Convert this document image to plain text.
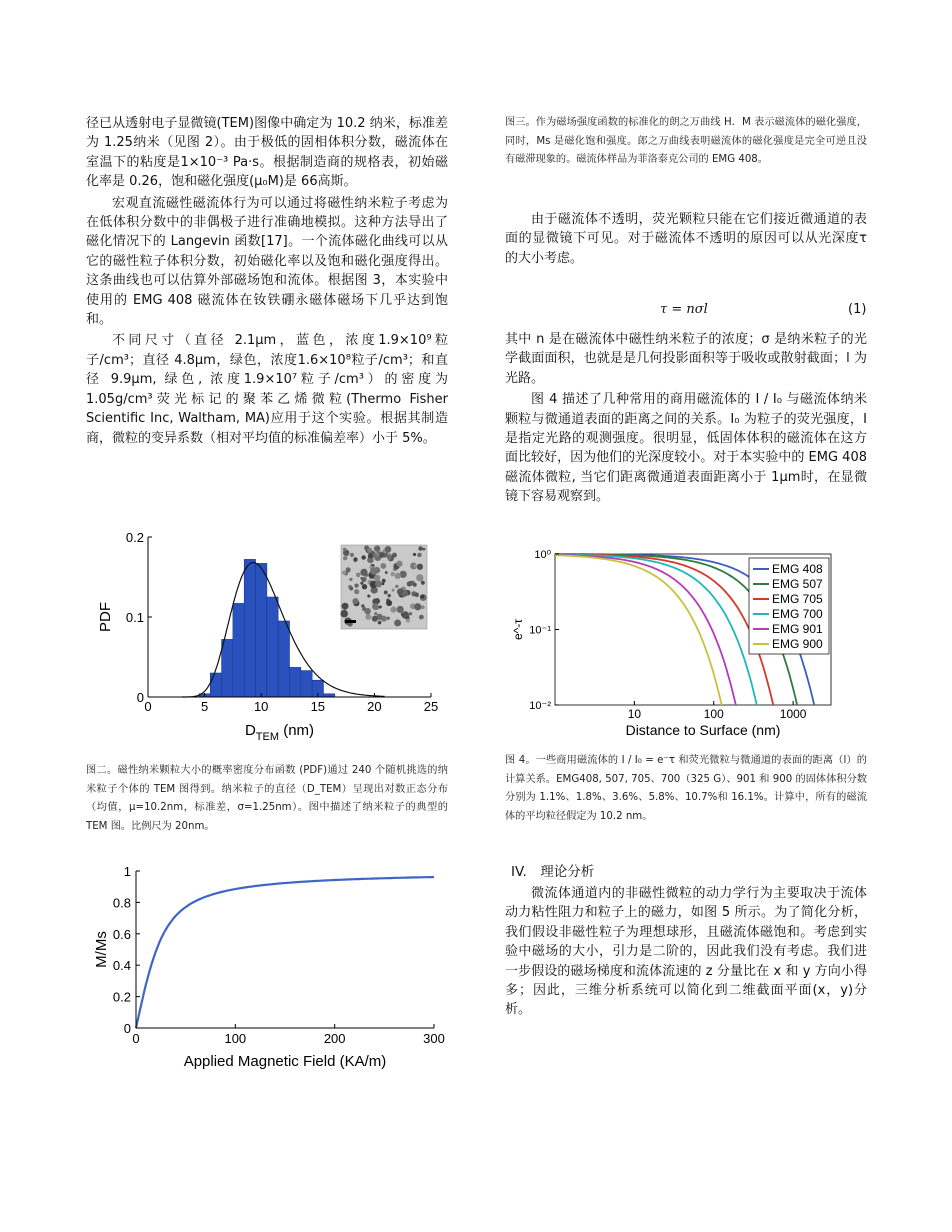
径已从透射电子显微镜(TEM)图像中确定为 10.2 纳米，标准差为 1.25纳米（见图 2）。由于极低的固相体积分数，磁流体在室温下的粘度是1×10⁻³ Pa·s。根据制造商的规格表，初始磁化率是 0.26，饱和磁化强度(μ₀M)是 66高斯。

宏观直流磁性磁流体行为可以通过将磁性纳米粒子考虑为在低体积分数中的非偶极子进行准确地模拟。这种方法导出了磁化情况下的 Langevin 函数[17]。一个流体磁化曲线可以从它的磁性粒子体积分数，初始磁化率以及饱和磁化强度得出。这条曲线也可以估算外部磁场饱和流体。根据图 3，本实验中使用的 EMG 408 磁流体在钕铁硼永磁体磁场下几乎达到饱和。

不同尺寸（直径 2.1μm，蓝色，浓度1.9×10⁹粒子/cm³；直径 4.8μm，绿色，浓度1.6×10⁸粒子/cm³；和直径 9.9μm, 绿色, 浓度1.9×10⁷粒子/cm³）的密度为 1.05g/cm³荧光标记的聚苯乙烯微粒(Thermo Fisher Scientific Inc, Waltham, MA)应用于这个实验。根据其制造商，微粒的变异系数（相对平均值的标准偏差率）小于 5%。

0	5	10	15	20	25
0
0.1
0.2
PDF
$D_{TEM}$ (nm)

图二。磁性纳米颗粒大小的概率密度分布函数 (PDF)通过 240 个随机挑选的纳米粒子个体的 TEM 图得到。纳米粒子的直径（D_TEM）呈现出对数正态分布（均值，μ=10.2nm，标准差，σ=1.25nm）。图中描述了纳米粒子的典型的 TEM 图。比例尺为 20nm。

0	100	200	300
0
0.2
0.4
0.6
0.8
1
M/Ms
Applied Magnetic Field (KA/m)

图三。作为磁场强度函数的标准化的朗之万曲线 H．M 表示磁流体的磁化强度，同时，Ms 是磁化饱和强度。郎之万曲线表明磁流体的磁化强度是完全可逆且没有磁滞现象的。磁流体样品为菲洛泰克公司的 EMG 408。

由于磁流体不透明，荧光颗粒只能在它们接近微通道的表面的显微镜下可见。对于磁流体不透明的原因可以从光深度τ 的大小考虑。

τ = nσl	(1)

其中 n 是在磁流体中磁性纳米粒子的浓度；σ 是纳米粒子的光学截面面积，也就是是几何投影面积等于吸收或散射截面；l 为光路。

图 4 描述了几种常用的商用磁流体的 I / I₀ 与磁流体纳米颗粒与微通道表面的距离之间的关系。I₀ 为粒子的荧光强度，I 是指定光路的观测强度。很明显，低固体体积的磁流体在这方面比较好，因为他们的光深度较小。对于本实验中的 EMG 408 磁流体微粒, 当它们距离微通道表面距离小于 1μm时，在显微镜下容易观察到。

10	100	1000
10⁰
10⁻¹
10⁻²
e^-τ
Distance to Surface (nm)
EMG 408
EMG 507
EMG 705
EMG 700
EMG 901
EMG 900

图 4。一些商用磁流体的 I / I₀ = e⁻τ 和荧光微粒与微通道的表面的距离（l）的计算关系。EMG408, 507, 705、700（325 G）、901 和 900 的固体体积分数分别为 1.1%、1.8%、3.6%、5.8%、10.7%和 16.1%。计算中，所有的磁流体的平均粒径假定为 10.2 nm。

IV.　理论分析

微流体通道内的非磁性微粒的动力学行为主要取决于流体动力粘性阻力和粒子上的磁力，如图 5 所示。为了简化分析，我们假设非磁性粒子为理想球形，且磁流体磁饱和。考虑到实验中磁场的大小，引力是二阶的，因此我们没有考虑。我们进一步假设的磁场梯度和流体流速的 z 分量比在 x 和 y 方向小得多；因此，三维分析系统可以简化到二维截面平面(x，y)分析。
